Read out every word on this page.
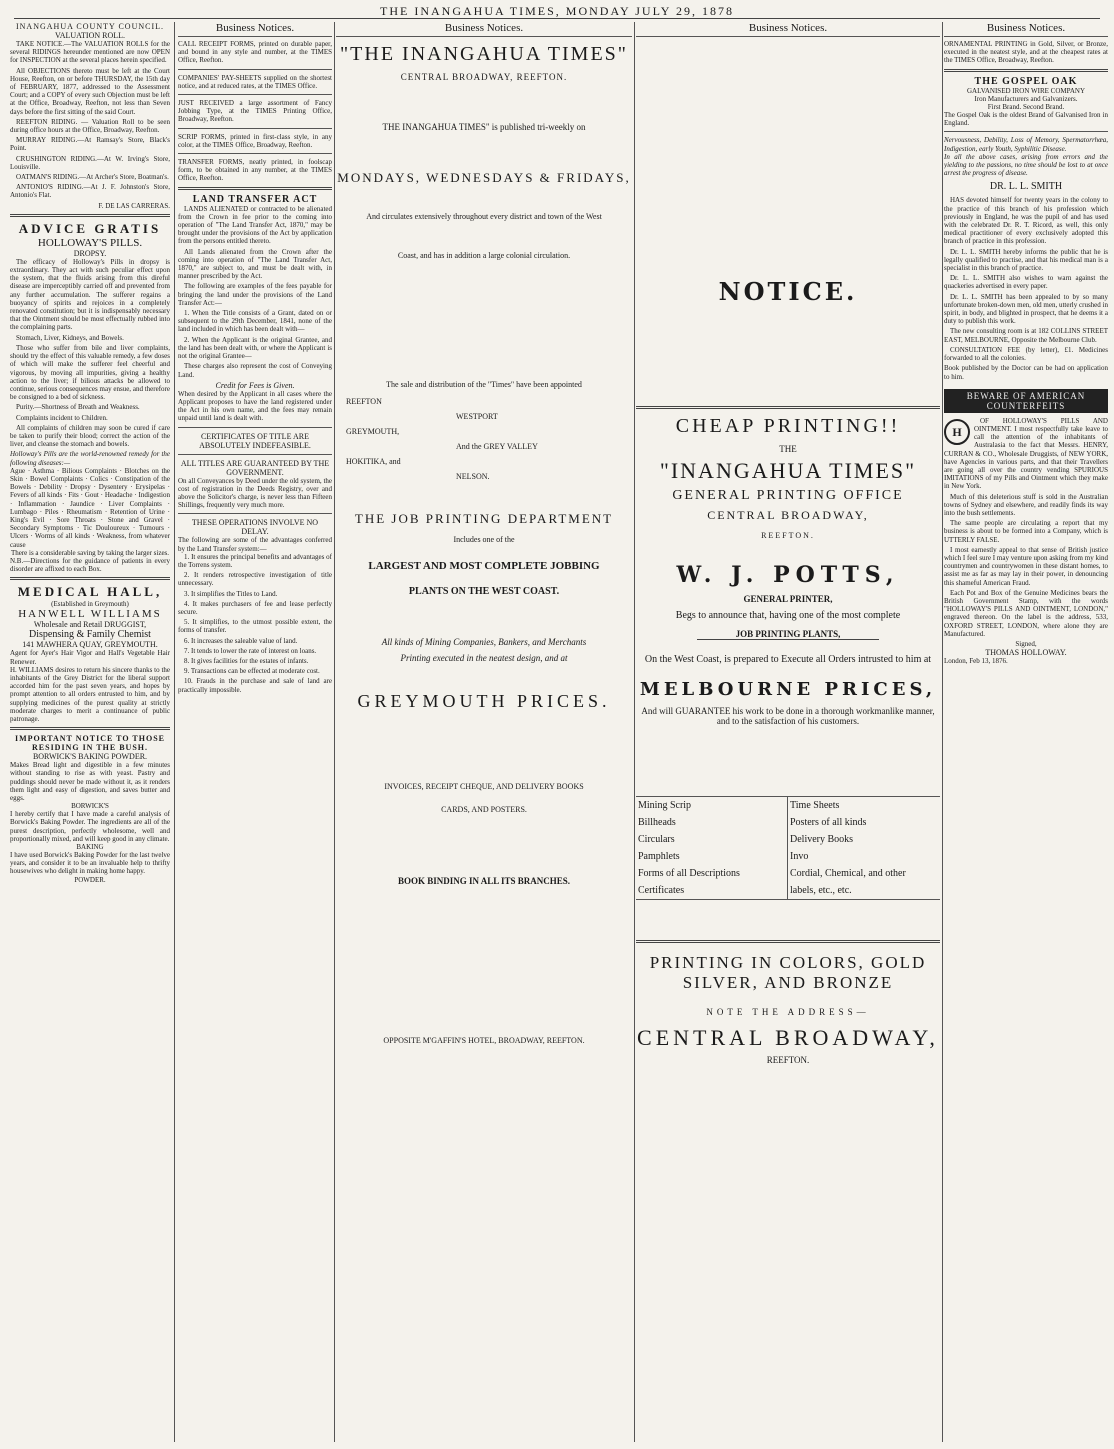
THE INANGAHUA TIMES, MONDAY JULY 29, 1878
INANGAHUA COUNTY COUNCIL.
VALUATION ROLL.

TAKE NOTICE.—The VALUATION ROLLS for the several RIDINGS hereunder mentioned are now OPEN for INSPECTION at the several places herein specified.

All OBJECTIONS thereto must be left at the Court House, Reefton, on or before THURSDAY, the 15th day of FEBRUARY, 1877, addressed to the Assessment Court; and a COPY of every such Objection must be left at the Office, Broadway, Reefton, not less than Seven days before the first sitting of the said Court.

REEFTON RIDING. — Valuation Roll to be seen during office hours at the Office, Broadway, Reefton.

MURRAY RIDING.—At Ramsay's Store, Black's Point.

CRUSHINGTON RIDING.—At W. Irving's Store, Louisville.

OATMAN'S RIDING.—At Archer's Store, Boatman's.

ANTONIO'S RIDING.—At J. F. Johnston's Store, Antonio's Flat.

F. DE LAS CARRERAS.
ADVICE GRATIS
HOLLOWAY'S PILLS.
DROPSY.

The efficacy of Holloway's Pills in dropsy is extraordinary. They act with such peculiar effect upon the system, that the fluids arising from this direful disease are imperceptibly carried off and prevented from any further accumulation. The sufferer regains a buoyancy of spirits and rejoices in a completely renovated constitution; but it is indispensably necessary that the Ointment should be most effectually rubbed into the complaining parts.

Stomach, Liver, Kidneys, and Bowels.

Those who suffer from bile and liver complaints, should try the effect of this valuable remedy, a few doses of which will make the sufferer feel cheerful and vigorous, by moving all impurities, giving a healthy action to the liver; if bilious attacks be allowed to continue, serious consequences may ensue, and therefore be consigned to a bed of sickness.

Purity.—Shortness of Breath and Weakness.

Complaints incident to Children.

All complaints of children may soon be cured if care be taken to purify their blood; correct the action of the liver, and cleanse the stomach and bowels.

Holloway's Pills are the world-renowned remedy for the following diseases:—
Ague · Asthma · Bilious Complaints · Blotches on the Skin · Bowel Complaints · Colics · Constipation of the Bowels · Debility · Dropsy · Dysentery · Erysipelas · Fevers of all kinds · Fits · Gout · Headache · Indigestion · Inflammation · Jaundice · Liver Complaints · Lumbago · Piles · Rheumatism · Retention of Urine · King's Evil · Sore Throats · Stone and Gravel · Secondary Symptoms · Tic Douloureux · Tumours · Ulcers · Worms of all kinds · Weakness, from whatever cause
There is a considerable saving by taking the larger sizes.
N.B.—Directions for the guidance of patients in every disorder are affixed to each Box.
MEDICAL HALL,
(Established in Greymouth)
HANWELL WILLIAMS
Wholesale and Retail DRUGGIST,
Dispensing & Family Chemist
141 MAWHERA QUAY, GREYMOUTH.
Agent for Ayer's Hair Vigor and Hall's Vegetable Hair Renewer.
H. WILLIAMS desires to return his sincere thanks to the inhabitants of the Grey District for the liberal support accorded him for the past seven years, and hopes by prompt attention to all orders entrusted to him, and by supplying medicines of the purest quality at strictly moderate charges to merit a continuance of public patronage.
IMPORTANT NOTICE TO THOSE RESIDING IN THE BUSH.
BORWICK'S BAKING POWDER.
Makes Bread light and digestible in a few minutes without standing to rise as with yeast. Pastry and puddings should never be made without it, as it renders them light and easy of digestion, and saves butter and eggs.
BORWICK'S
I hereby certify that I have made a careful analysis of Borwick's Baking Powder. The ingredients are all of the purest description, perfectly wholesome, well and proportionally mixed, and will keep good in any climate.
BAKING
I have used Borwick's Baking Powder for the last twelve years, and consider it to be an invaluable help to thrifty housewives who delight in making home happy.
POWDER.
Business Notices.
CALL RECEIPT FORMS, printed on durable paper, and bound in any style and number, at the TIMES Office, Reefton.
COMPANIES' PAY-SHEETS supplied on the shortest notice, and at reduced rates, at the TIMES Office.
JUST RECEIVED a large assortment of Fancy Jobbing Type, at the TIMES Printing Office, Broadway, Reefton.
SCRIP FORMS, printed in first-class style, in any color, at the TIMES Office, Broadway, Reefton.
TRANSFER FORMS, neatly printed, in foolscap form, to be obtained in any number, at the TIMES Office, Reefton.
LAND TRANSFER ACT

LANDS ALIENATED or contracted to be alienated from the Crown in fee prior to the coming into operation of "The Land Transfer Act, 1870," may be brought under the provisions of the Act by application from the persons entitled thereto.

All Lands alienated from the Crown after the coming into operation of "The Land Transfer Act, 1870," are subject to, and must be dealt with, in manner prescribed by the Act.

The following are examples of the fees payable for bringing the land under the provisions of the Land Transfer Act:—

1. When the Title consists of a Grant, dated on or subsequent to the 29th December, 1841, none of the land included in which has been dealt with—

2. When the Applicant is the original Grantee, and the land has been dealt with, or where the Applicant is not the original Grantee—

These charges also represent the cost of Conveying Land.

Credit for Fees is Given.
When desired by the Applicant in all cases where the Applicant proposes to have the land registered under the Act in his own name, and the fees may remain unpaid until land is dealt with.
CERTIFICATES OF TITLE ARE ABSOLUTELY INDEFEASIBLE.
ALL TITLES ARE GUARANTEED BY THE GOVERNMENT.
On all Conveyances by Deed under the old system, the cost of registration in the Deeds Registry, over and above the Solicitor's charge, is never less than Fifteen Shillings, frequently very much more.
THESE OPERATIONS INVOLVE NO DELAY.
The following are some of the advantages conferred by the Land Transfer system:—

1. It ensures the principal benefits and advantages of the Torrens system.

2. It renders retrospective investigation of title unnecessary.

3. It simplifies the Titles to Land.

4. It makes purchasers of fee and lease perfectly secure.

5. It simplifies, to the utmost possible extent, the forms of transfer.

6. It increases the saleable value of land.

7. It tends to lower the rate of interest on loans.

8. It gives facilities for the estates of infants.

9. Transactions can be effected at moderate cost.

10. Frauds in the purchase and sale of land are practically impossible.

Business Notices.
"THE INANGAHUA TIMES"
CENTRAL BROADWAY, REEFTON.
THE INANGAHUA TIMES" is published tri-weekly on
MONDAYS, WEDNESDAYS & FRIDAYS,
And circulates extensively throughout every district and town of the West
Coast, and has in addition a large colonial circulation.
The sale and distribution of the "Times" have been appointed
REEFTON
WESTPORT
GREYMOUTH,
And the GREY VALLEY
HOKITIKA, and
NELSON.
THE JOB PRINTING DEPARTMENT
Includes one of the
LARGEST AND MOST COMPLETE JOBBING
PLANTS ON THE WEST COAST.
All kinds of Mining Companies, Bankers, and Merchants
Printing executed in the neatest design, and at
GREYMOUTH PRICES.
INVOICES, RECEIPT CHEQUE, AND DELIVERY BOOKS
CARDS, AND POSTERS.
BOOK BINDING IN ALL ITS BRANCHES.
OPPOSITE M'GAFFIN'S HOTEL, BROADWAY, REEFTON.
Business Notices.
NOTICE.
CHEAP PRINTING!!
THE
"INANGAHUA TIMES"
GENERAL PRINTING OFFICE
CENTRAL BROADWAY,
REEFTON.
W. J. POTTS,
GENERAL PRINTER,
Begs to announce that, having one of the most complete
JOB PRINTING PLANTS,
On the West Coast, is prepared to Execute all Orders intrusted to him at
MELBOURNE PRICES,
And will GUARANTEE his work to be done in a thorough workmanlike manner, and to the satisfaction of his customers.
Mining Scrip	Time Sheets
Billheads	Posters of all kinds
Circulars	Delivery Books
Pamphlets	Invo
Forms of all Descriptions	Cordial, Chemical, and other
Certificates	labels, etc., etc.
PRINTING IN COLORS, GOLD SILVER, AND BRONZE
NOTE THE ADDRESS—
CENTRAL BROADWAY,
REEFTON.
Business Notices.
ORNAMENTAL PRINTING in Gold, Silver, or Bronze, executed in the neatest style, and at the cheapest rates at the TIMES Office, Broadway, Reefton.
THE GOSPEL OAK
GALVANISED IRON WIRE COMPANY
Iron Manufacturers and Galvanizers.
First Brand. Second Brand.
The Gospel Oak is the oldest Brand of Galvanised Iron in England.
Nervousness, Debility, Loss of Memory, Spermatorrhœa, Indigestion, early Youth, Syphilitic Disease.
In all the above cases, arising from errors and the yielding to the passions, no time should be lost to at once arrest the progress of disease.
DR. L. L. SMITH

HAS devoted himself for twenty years in the colony to the practice of this branch of his profession which previously in England, he was the pupil of and has used with the celebrated Dr. R. T. Ricord, as well, this only medical practitioner of every exclusively adopted this branch of practice in this profession.

Dr. L. L. SMITH hereby informs the public that he is legally qualified to practise, and that his medical man is a specialist in this branch of practice.

Dr. L. L. SMITH also wishes to warn against the quackeries advertised in every paper.

Dr. L. L. SMITH has been appealed to by so many unfortunate broken-down men, old men, utterly crushed in spirit, in body, and blighted in prospect, that he deems it a duty to publish this work.

The new consulting room is at 182 COLLINS STREET EAST, MELBOURNE, Opposite the Melbourne Club.

CONSULTATION FEE (by letter), £1. Medicines forwarded to all the colonies.

Book published by the Doctor can be had on application to him.
BEWARE OF AMERICAN COUNTERFEITS
H

OF HOLLOWAY'S PILLS AND OINTMENT. I most respectfully take leave to call the attention of the inhabitants of Australasia to the fact that Messrs. HENRY, CURRAN & CO., Wholesale Druggists, of NEW YORK, have Agencies in various parts, and that their Travellers are going all over the country vending SPURIOUS IMITATIONS of my Pills and Ointment which they make in New York.

Much of this deleterious stuff is sold in the Australian towns of Sydney and elsewhere, and readily finds its way into the bush settlements.

The same people are circulating a report that my business is about to be formed into a Company, which is UTTERLY FALSE.

I most earnestly appeal to that sense of British justice which I feel sure I may venture upon asking from my kind countrymen and countrywomen in these distant homes, to assist me as far as may lay in their power, in denouncing this shameful American Fraud.

Each Pot and Box of the Genuine Medicines bears the British Government Stamp, with the words "HOLLOWAY'S PILLS AND OINTMENT, LONDON," engraved thereon. On the label is the address, 533, OXFORD STREET, LONDON, where alone they are Manufactured.

Signed,
THOMAS HOLLOWAY.
London, Feb 13, 1876.
